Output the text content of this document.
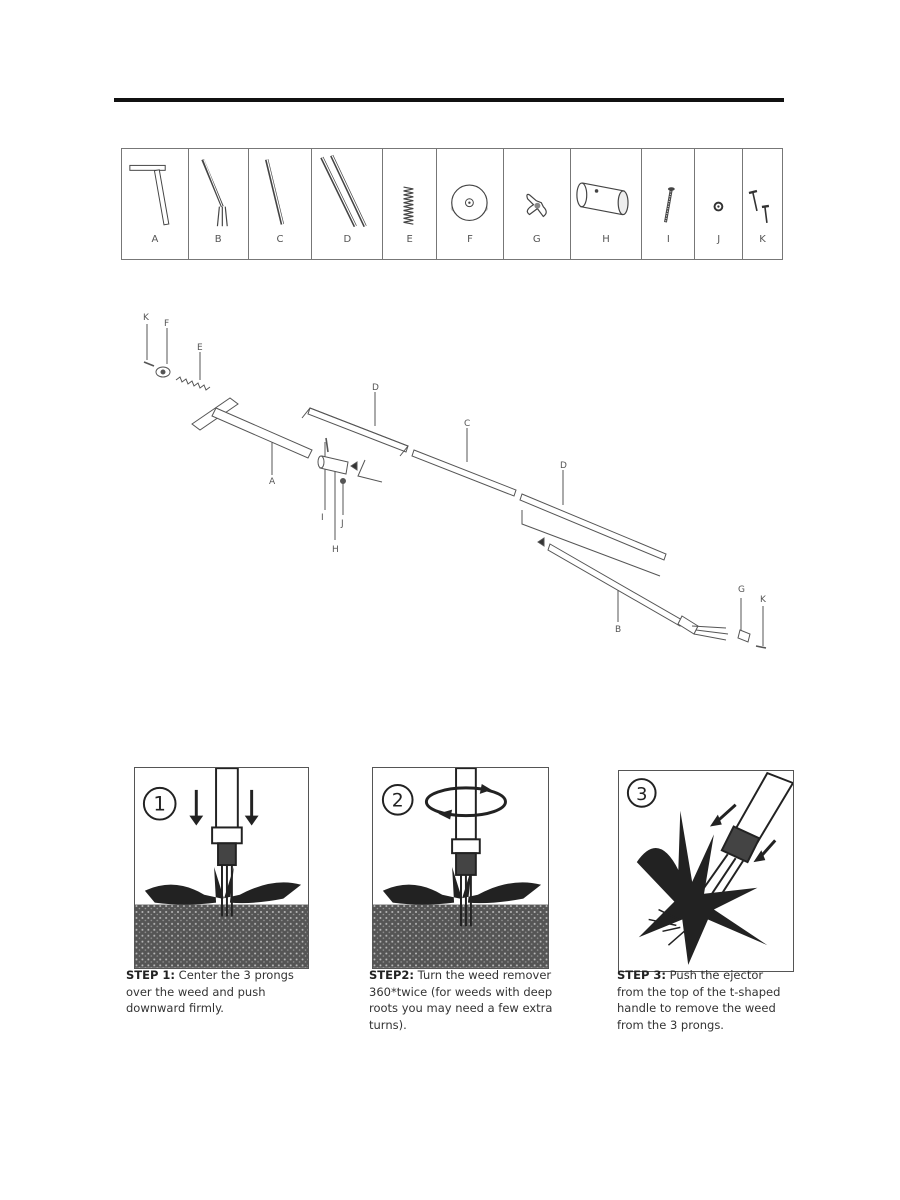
A	B	C	D	E	F	G	H	I	J	K
K
F
E
A
D
C
D
I
J
H
B
G
K
1	2	3
STEP 1: Center the 3 prongs over the weed and push downward firmly.
STEP2: Turn the weed remover 360*twice (for weeds with deep roots you may need a few extra turns).
STEP 3: Push the ejector from the top of the t-shaped handle to remove the weed from the 3 prongs.
